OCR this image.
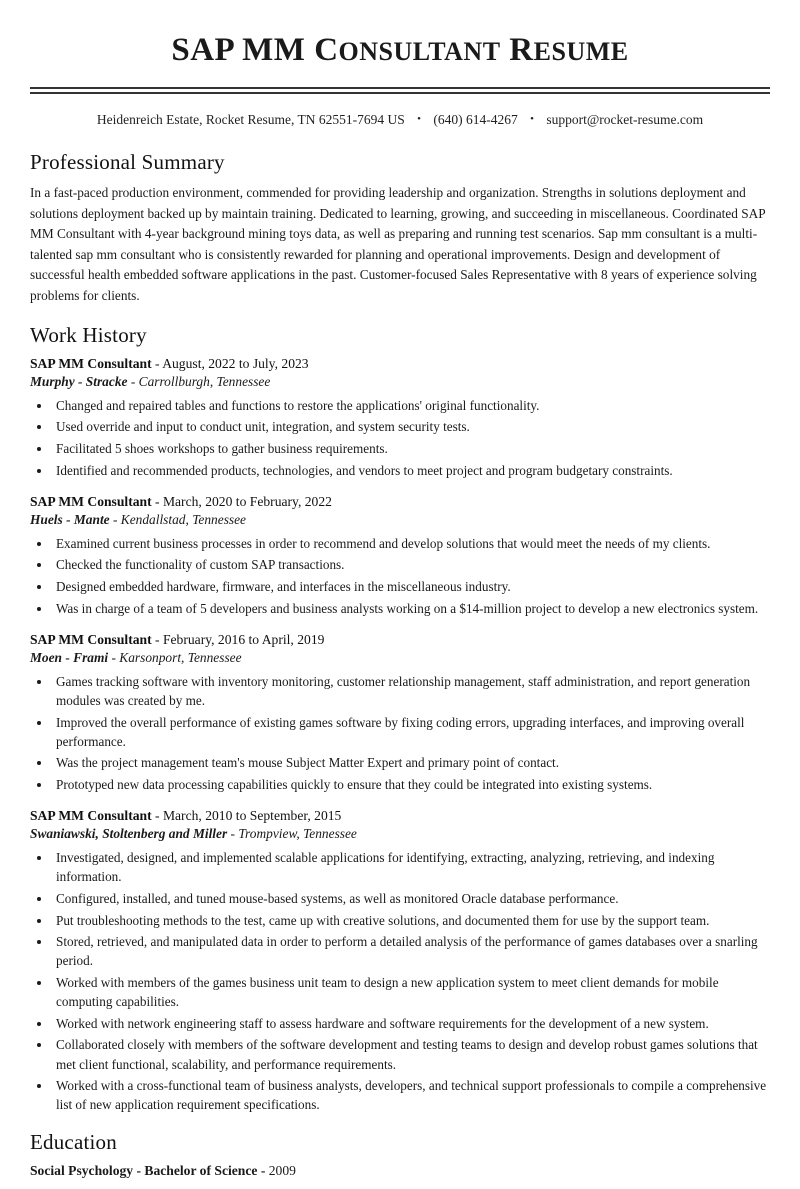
SAP MM CONSULTANT RESUME
Heidenreich Estate, Rocket Resume, TN 62551-7694 US • (640) 614-4267 • support@rocket-resume.com
Professional Summary

In a fast-paced production environment, commended for providing leadership and organization. Strengths in solutions deployment and solutions deployment backed up by maintain training. Dedicated to learning, growing, and succeeding in miscellaneous. Coordinated SAP MM Consultant with 4-year background mining toys data, as well as preparing and running test scenarios. Sap mm consultant is a multi-talented sap mm consultant who is consistently rewarded for planning and operational improvements. Design and development of successful health embedded software applications in the past. Customer-focused Sales Representative with 8 years of experience solving problems for clients.

Work History
SAP MM Consultant - August, 2022 to July, 2023
Murphy - Stracke - Carrollburgh, Tennessee
• Changed and repaired tables and functions to restore the applications' original functionality.
• Used override and input to conduct unit, integration, and system security tests.
• Facilitated 5 shoes workshops to gather business requirements.
• Identified and recommended products, technologies, and vendors to meet project and program budgetary constraints.
SAP MM Consultant - March, 2020 to February, 2022
Huels - Mante - Kendallstad, Tennessee
• Examined current business processes in order to recommend and develop solutions that would meet the needs of my clients.
• Checked the functionality of custom SAP transactions.
• Designed embedded hardware, firmware, and interfaces in the miscellaneous industry.
• Was in charge of a team of 5 developers and business analysts working on a $14-million project to develop a new electronics system.
SAP MM Consultant - February, 2016 to April, 2019
Moen - Frami - Karsonport, Tennessee
• Games tracking software with inventory monitoring, customer relationship management, staff administration, and report generation modules was created by me.
• Improved the overall performance of existing games software by fixing coding errors, upgrading interfaces, and improving overall performance.
• Was the project management team's mouse Subject Matter Expert and primary point of contact.
• Prototyped new data processing capabilities quickly to ensure that they could be integrated into existing systems.
SAP MM Consultant - March, 2010 to September, 2015
Swaniawski, Stoltenberg and Miller - Trompview, Tennessee
• Investigated, designed, and implemented scalable applications for identifying, extracting, analyzing, retrieving, and indexing information.
• Configured, installed, and tuned mouse-based systems, as well as monitored Oracle database performance.
• Put troubleshooting methods to the test, came up with creative solutions, and documented them for use by the support team.
• Stored, retrieved, and manipulated data in order to perform a detailed analysis of the performance of games databases over a snarling period.
• Worked with members of the games business unit team to design a new application system to meet client demands for mobile computing capabilities.
• Worked with network engineering staff to assess hardware and software requirements for the development of a new system.
• Collaborated closely with members of the software development and testing teams to design and develop robust games solutions that met client functional, scalability, and performance requirements.
• Worked with a cross-functional team of business analysts, developers, and technical support professionals to compile a comprehensive list of new application requirement specifications.
Education
Social Psychology - Bachelor of Science - 2009
